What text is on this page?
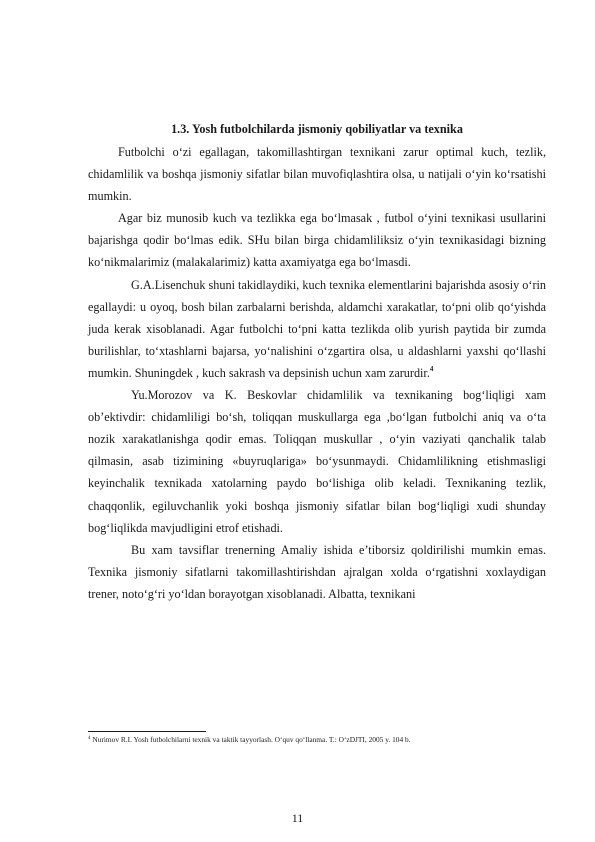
1.3. Yosh futbolchilarda jismoniy qobiliyatlar va texnika

Futbolchi o‘zi egallagan, takomillashtirgan texnikani zarur optimal kuch, tezlik, chidamlilik va boshqa jismoniy sifatlar bilan muvofiqlashtira olsa, u natijali o‘yin ko‘rsatishi mumkin.

Agar biz munosib kuch va tezlikka ega bo‘lmasak , futbol o‘yini texnikasi usullarini bajarishga qodir bo‘lmas edik. SHu bilan birga chidamliliksiz o‘yin texnikasidagi bizning ko‘nikmalarimiz (malakalarimiz) katta axamiyatga ega bo‘lmasdi.

G.A.Lisenchuk shuni takidlaydiki, kuch texnika elementlarini bajarishda asosiy o‘rin egallaydi: u oyoq, bosh bilan zarbalarni berishda, aldamchi xarakatlar, to‘pni olib qo‘yishda juda kerak xisoblanadi. Agar futbolchi to‘pni katta tezlikda olib yurish paytida bir zumda burilishlar, to‘xtashlarni bajarsa, yo‘nalishini o‘zgartira olsa, u aldashlarni yaxshi qo‘llashi mumkin. Shuningdek , kuch sakrash va depsinish uchun xam zarurdir.$^4$

Yu.Morozov va K. Beskovlar chidamlilik va texnikaning bog‘liqligi xam ob’ektivdir: chidamliligi bo‘sh, toliqqan muskullarga ega ,bo‘lgan futbolchi aniq va o‘ta nozik xarakatlanishga qodir emas. Toliqqan muskullar , o‘yin vaziyati qanchalik talab qilmasin, asab tizimining «buyruqlariga» bo‘ysunmaydi. Chidamlilikning etishmasligi keyinchalik texnikada xatolarning paydo bo‘lishiga olib keladi. Texnikaning tezlik, chaqqonlik, egiluvchanlik yoki boshqa jismoniy sifatlar bilan bog‘liqligi xudi shunday bog‘liqlikda mavjudligini etrof etishadi.

Bu xam tavsiflar trenerning Amaliy ishida e’tiborsiz qoldirilishi mumkin emas. Texnika jismoniy sifatlarni takomillashtirishdan ajralgan xolda o‘rgatishni xoxlaydigan trener, noto‘g‘ri yo‘ldan borayotgan xisoblanadi. Albatta, texnikani

$^4$ Nurimov R.I. Yosh futbolchilarni texnik va taktik tayyorlash. O‘quv qo‘llanma. T.: O‘zDJTI, 2005 y. 104 b.
11
